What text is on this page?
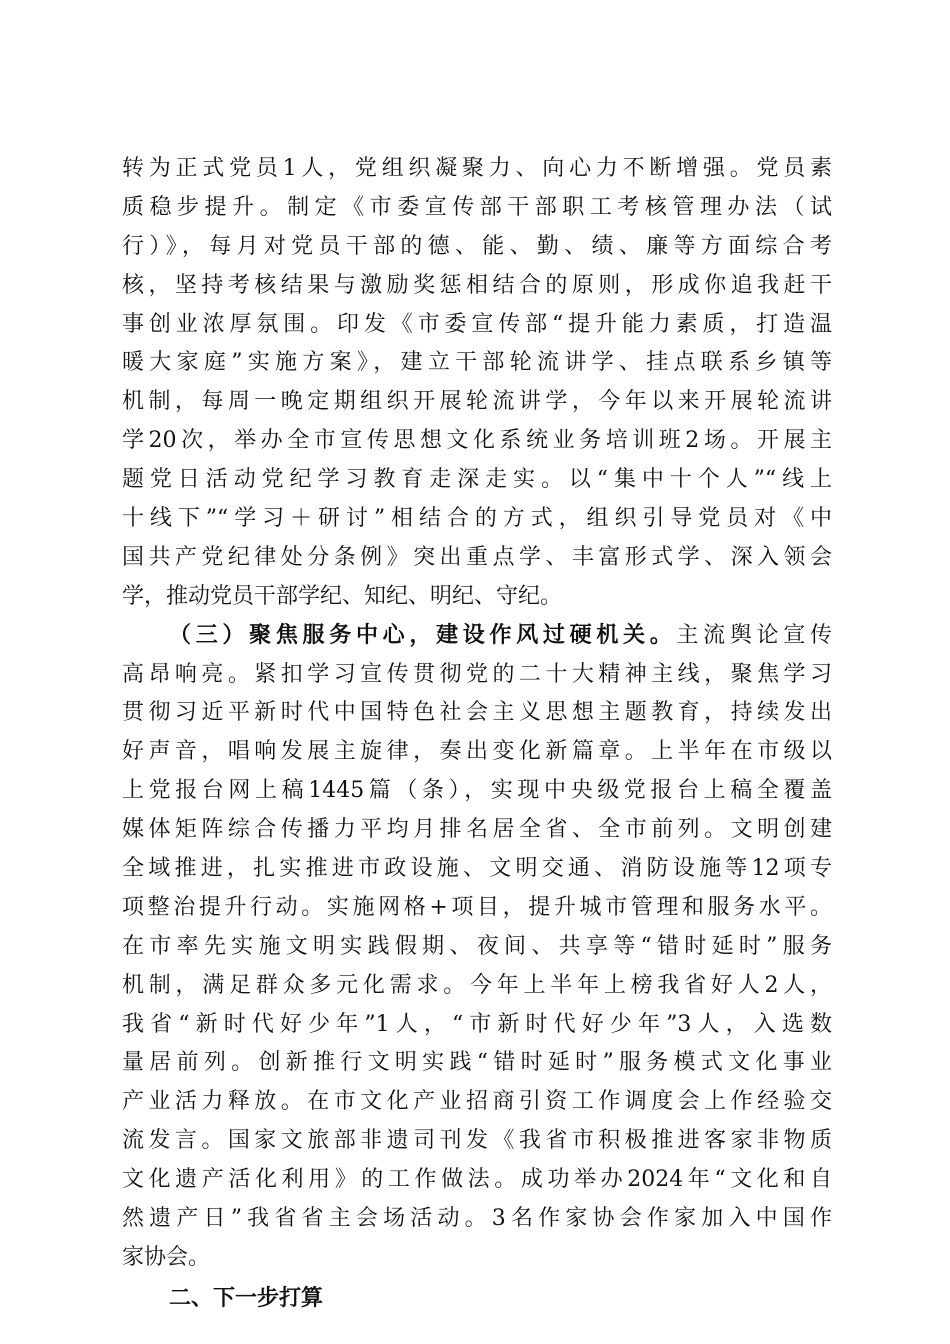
转为正式党员1人，党组织凝聚力、向心力不断增强。党员素
质稳步提升。制定《市委宣传部干部职工考核管理办法（试
行）》，每月对党员干部的德、能、勤、绩、廉等方面综合考
核，坚持考核结果与激励奖惩相结合的原则，形成你追我赶干
事创业浓厚氛围。印发《市委宣传部“提升能力素质，打造温
暖大家庭”实施方案》，建立干部轮流讲学、挂点联系乡镇等
机制，每周一晚定期组织开展轮流讲学，今年以来开展轮流讲
学20次，举办全市宣传思想文化系统业务培训班2场。开展主
题党日活动党纪学习教育走深走实。以“集中十个人”“线上
十线下”“学习＋研讨”相结合的方式，组织引导党员对《中
国共产党纪律处分条例》突出重点学、丰富形式学、深入领会
学，推动党员干部学纪、知纪、明纪、守纪。
（三）聚焦服务中心，建设作风过硬机关。主流舆论宣传
高昂响亮。紧扣学习宣传贯彻党的二十大精神主线，聚焦学习
贯彻习近平新时代中国特色社会主义思想主题教育，持续发出
好声音，唱响发展主旋律，奏出变化新篇章。上半年在市级以
上党报台网上稿1445篇（条），实现中央级党报台上稿全覆盖
媒体矩阵综合传播力平均月排名居全省、全市前列。文明创建
全域推进，扎实推进市政设施、文明交通、消防设施等12项专
项整治提升行动。实施网格+项目，提升城市管理和服务水平。
在市率先实施文明实践假期、夜间、共享等“错时延时”服务
机制，满足群众多元化需求。今年上半年上榜我省好人2人，
我省“新时代好少年”1人，“市新时代好少年”3人，入选数
量居前列。创新推行文明实践“错时延时”服务模式文化事业
产业活力释放。在市文化产业招商引资工作调度会上作经验交
流发言。国家文旅部非遗司刊发《我省市积极推进客家非物质
文化遗产活化利用》的工作做法。成功举办2024年“文化和自
然遗产日”我省省主会场活动。3名作家协会作家加入中国作
家协会。
二、下一步打算
